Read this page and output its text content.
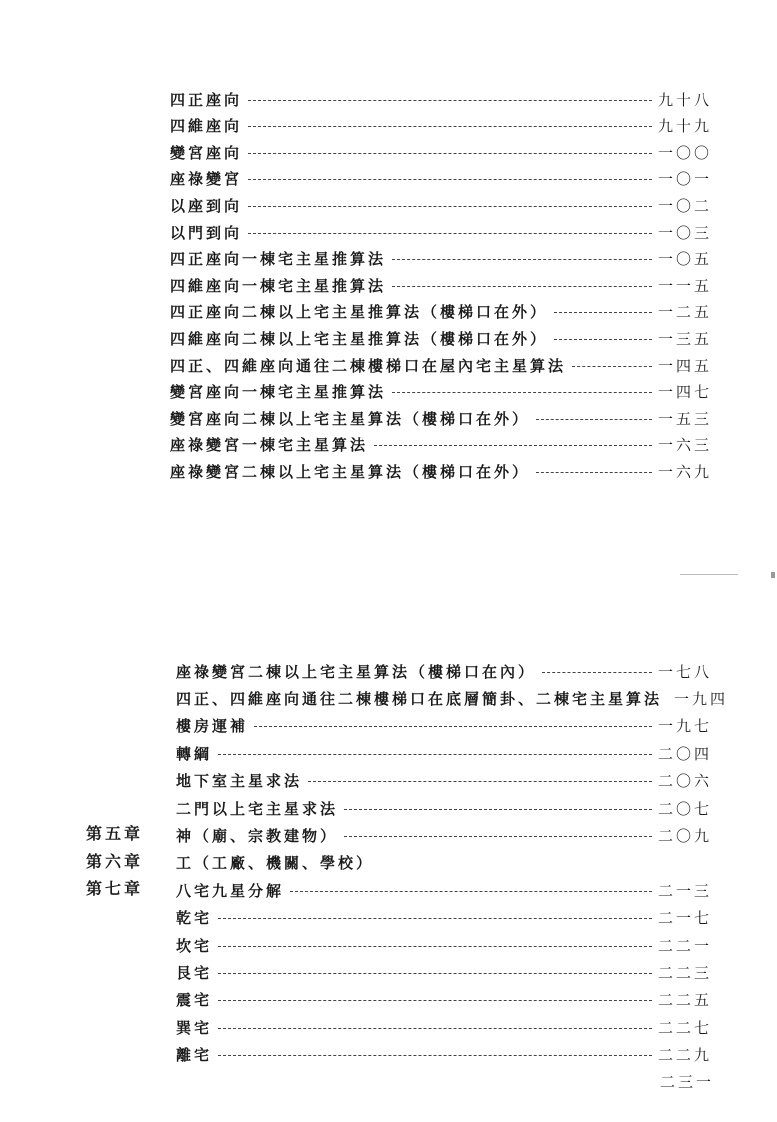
第五章
第六章
第七章
四正座向	九十八
四維座向	九十九
變宮座向	一〇〇
座祿變宮	一〇一
以座到向	一〇二
以門到向	一〇三
四正座向一棟宅主星推算法	一〇五
四維座向一棟宅主星推算法	一一五
四正座向二棟以上宅主星推算法（樓梯口在外）	一二五
四維座向二棟以上宅主星推算法（樓梯口在外）	一三五
四正、四維座向通往二棟樓梯口在屋內宅主星算法	一四五
變宮座向一棟宅主星推算法	一四七
變宮座向二棟以上宅主星算法（樓梯口在外）	一五三
座祿變宮一棟宅主星算法	一六三
座祿變宮二棟以上宅主星算法（樓梯口在外）	一六九
座祿變宮二棟以上宅主星算法（樓梯口在內）	一七八
四正、四維座向通往二棟樓梯口在底層簡卦、二棟宅主星算法 一九四
樓房運補	一九七
轉綱	二〇四
地下室主星求法	二〇六
二門以上宅主星求法	二〇七
神（廟、宗教建物）	二〇九
工（工廠、機關、學校）
八宅九星分解	二一三
乾宅	二一七
坎宅	二二一
艮宅	二二三
震宅	二二五
巽宅	二二七
離宅	二二九
二三一
